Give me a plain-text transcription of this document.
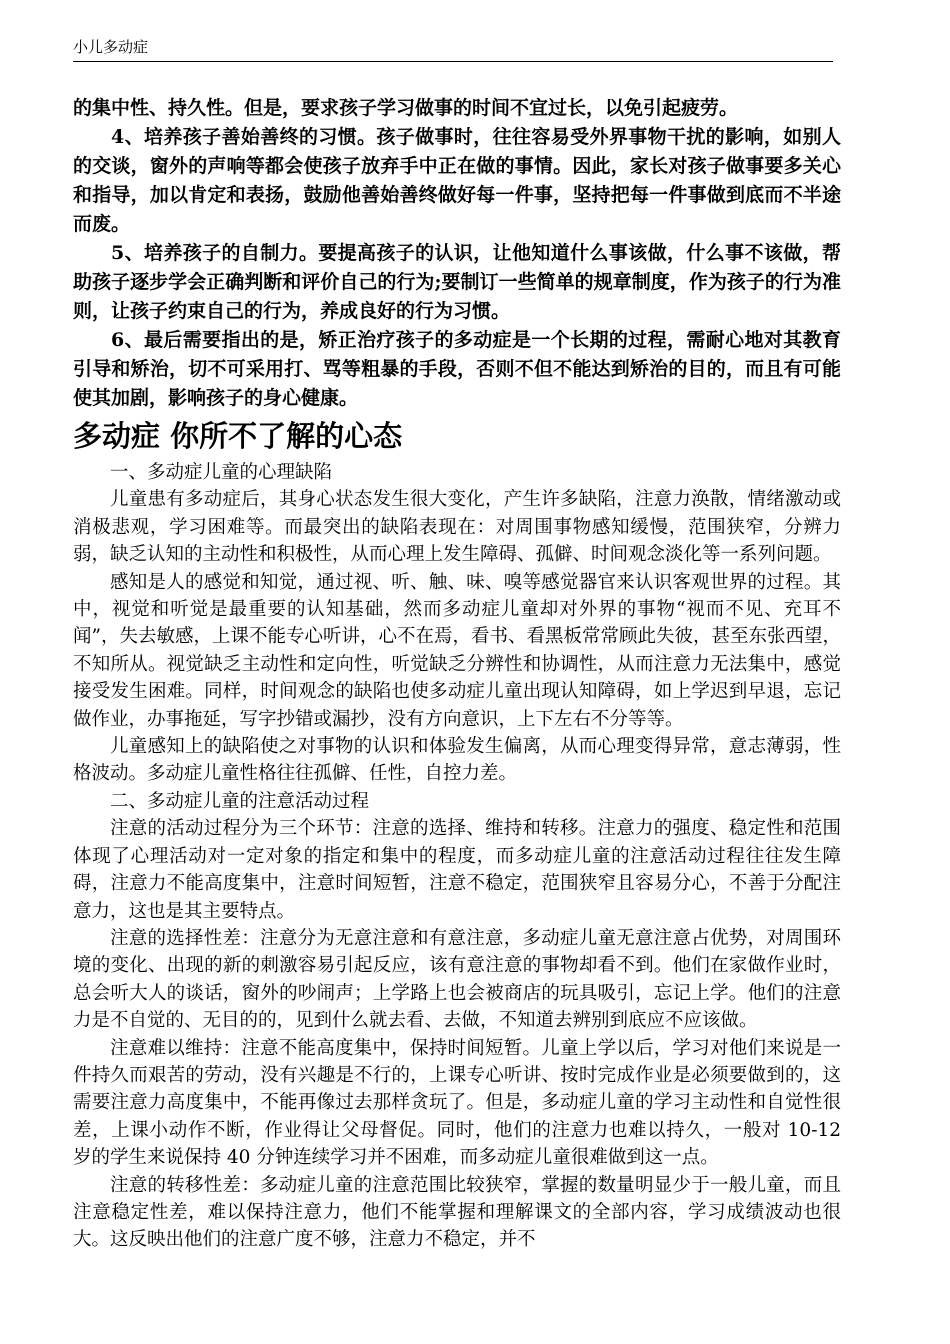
小儿多动症

的集中性、持久性。但是，要求孩子学习做事的时间不宜过长，以免引起疲劳。

4、培养孩子善始善终的习惯。孩子做事时，往往容易受外界事物干扰的影响，如别人的交谈，窗外的声响等都会使孩子放弃手中正在做的事情。因此，家长对孩子做事要多关心和指导，加以肯定和表扬，鼓励他善始善终做好每一件事，坚持把每一件事做到底而不半途而废。

5、培养孩子的自制力。要提高孩子的认识，让他知道什么事该做，什么事不该做，帮助孩子逐步学会正确判断和评价自己的行为;要制订一些简单的规章制度，作为孩子的行为准则，让孩子约束自己的行为，养成良好的行为习惯。

6、最后需要指出的是，矫正治疗孩子的多动症是一个长期的过程，需耐心地对其教育引导和矫治，切不可采用打、骂等粗暴的手段，否则不但不能达到矫治的目的，而且有可能使其加剧，影响孩子的身心健康。

多动症 你所不了解的心态

一、多动症儿童的心理缺陷

儿童患有多动症后，其身心状态发生很大变化，产生许多缺陷，注意力涣散，情绪激动或消极悲观，学习困难等。而最突出的缺陷表现在：对周围事物感知缓慢，范围狭窄，分辨力弱，缺乏认知的主动性和积极性，从而心理上发生障碍、孤僻、时间观念淡化等一系列问题。

感知是人的感觉和知觉，通过视、听、触、味、嗅等感觉器官来认识客观世界的过程。其中，视觉和听觉是最重要的认知基础，然而多动症儿童却对外界的事物“视而不见、充耳不闻”，失去敏感，上课不能专心听讲，心不在焉，看书、看黑板常常顾此失彼，甚至东张西望，不知所从。视觉缺乏主动性和定向性，听觉缺乏分辨性和协调性，从而注意力无法集中，感觉接受发生困难。同样，时间观念的缺陷也使多动症儿童出现认知障碍，如上学迟到早退，忘记做作业，办事拖延，写字抄错或漏抄，没有方向意识，上下左右不分等等。

儿童感知上的缺陷使之对事物的认识和体验发生偏离，从而心理变得异常，意志薄弱，性格波动。多动症儿童性格往往孤僻、任性，自控力差。

二、多动症儿童的注意活动过程

注意的活动过程分为三个环节：注意的选择、维持和转移。注意力的强度、稳定性和范围体现了心理活动对一定对象的指定和集中的程度，而多动症儿童的注意活动过程往往发生障碍，注意力不能高度集中，注意时间短暂，注意不稳定，范围狭窄且容易分心，不善于分配注意力，这也是其主要特点。

注意的选择性差：注意分为无意注意和有意注意，多动症儿童无意注意占优势，对周围环境的变化、出现的新的刺激容易引起反应，该有意注意的事物却看不到。他们在家做作业时，总会听大人的谈话，窗外的吵闹声；上学路上也会被商店的玩具吸引，忘记上学。他们的注意力是不自觉的、无目的的，见到什么就去看、去做，不知道去辨别到底应不应该做。

注意难以维持：注意不能高度集中，保持时间短暂。儿童上学以后，学习对他们来说是一件持久而艰苦的劳动，没有兴趣是不行的，上课专心听讲、按时完成作业是必须要做到的，这需要注意力高度集中，不能再像过去那样贪玩了。但是，多动症儿童的学习主动性和自觉性很差，上课小动作不断，作业得让父母督促。同时，他们的注意力也难以持久，一般对 10-12 岁的学生来说保持 40 分钟连续学习并不困难，而多动症儿童很难做到这一点。

注意的转移性差：多动症儿童的注意范围比较狭窄，掌握的数量明显少于一般儿童，而且注意稳定性差，难以保持注意力，他们不能掌握和理解课文的全部内容，学习成绩波动也很大。这反映出他们的注意广度不够，注意力不稳定，并不
